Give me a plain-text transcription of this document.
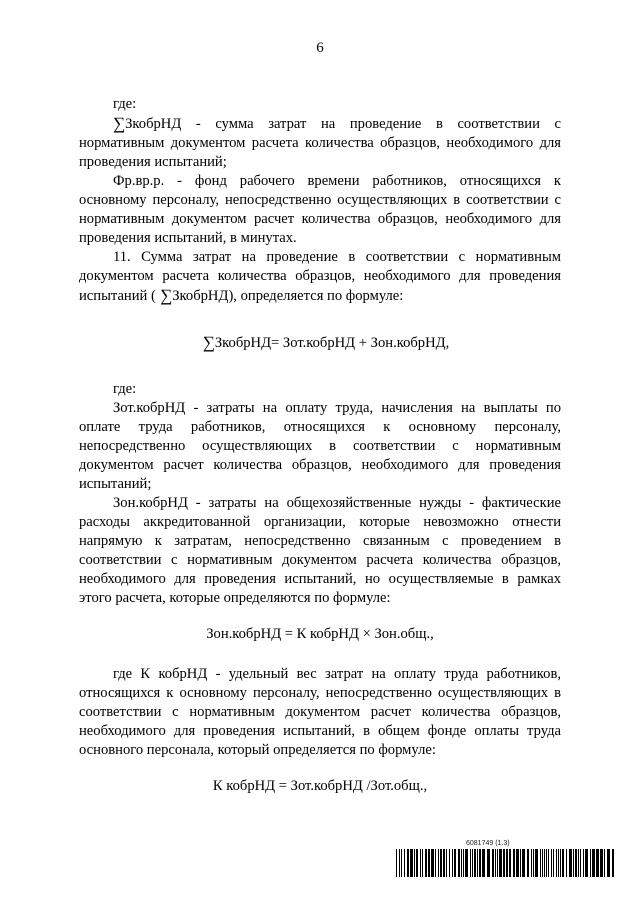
6

где:

∑ЗкобрНД - сумма затрат на проведение в соответствии с нормативным документом расчета количества образцов, необходимого для проведения испытаний;

Фр.вр.р. - фонд рабочего времени работников, относящихся к основному персоналу, непосредственно осуществляющих в соответствии с нормативным документом расчет количества образцов, необходимого для проведения испытаний, в минутах.

11. Сумма затрат на проведение в соответствии с нормативным документом расчета количества образцов, необходимого для проведения испытаний ( ∑ЗкобрНД), определяется по формуле:

∑ЗкобрНД= Зот.кобрНД + Зон.кобрНД,

где:

Зот.кобрНД - затраты на оплату труда, начисления на выплаты по оплате труда работников, относящихся к основному персоналу, непосредственно осуществляющих в соответствии с нормативным документом расчет количества образцов, необходимого для проведения испытаний;

Зон.кобрНД - затраты на общехозяйственные нужды - фактические расходы аккредитованной организации, которые невозможно отнести напрямую к затратам, непосредственно связанным с проведением в соответствии с нормативным документом расчета количества образцов, необходимого для проведения испытаний, но осуществляемые в рамках этого расчета, которые определяются по формуле:

Зон.кобрНД = К кобрНД × Зон.общ.,

где К кобрНД - удельный вес затрат на оплату труда работников, относящихся к основному персоналу, непосредственно осуществляющих в соответствии с нормативным документом расчет количества образцов, необходимого для проведения испытаний, в общем фонде оплаты труда основного персонала, который определяется по формуле:

К кобрНД = Зот.кобрНД /Зот.общ.,

6081749 (1.3)
